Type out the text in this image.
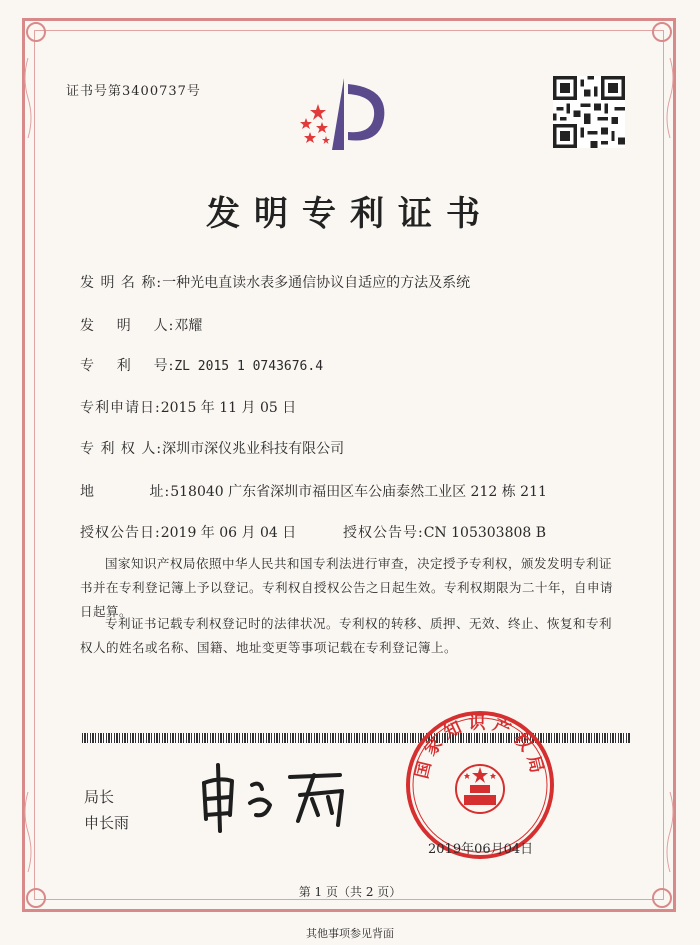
证书号第3400737号
发明专利证书
发 明 名 称:一种光电直读水表多通信协议自适应的方法及系统
发    明    人:邓耀
专    利    号:ZL 2015 1 0743676.4
专利申请日:2015 年 11 月 05 日
专 利 权 人:深圳市深仪兆业科技有限公司
地          址:518040 广东省深圳市福田区车公庙泰然工业区 212 栋 211
授权公告日:2019 年 06 月 04 日	授权公告号:CN 105303808 B
国家知识产权局依照中华人民共和国专利法进行审查，决定授予专利权，颁发发明专利证书并在专利登记簿上予以登记。专利权自授权公告之日起生效。专利权期限为二十年，自申请日起算。
专利证书记载专利权登记时的法律状况。专利权的转移、质押、无效、终止、恢复和专利权人的姓名或名称、国籍、地址变更等事项记载在专利登记簿上。
局长
申长雨
国家知识产权局
2019年06月04日
第 1 页（共 2 页）
其他事项参见背面
